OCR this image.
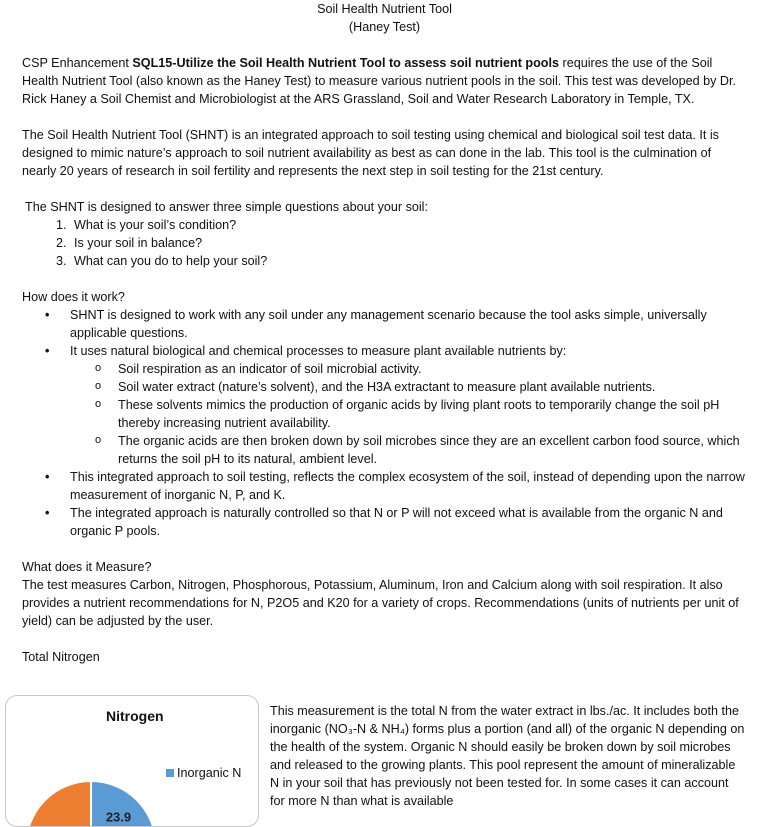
Soil Health Nutrient Tool

(Haney Test)

CSP Enhancement SQL15-Utilize the Soil Health Nutrient Tool to assess soil nutrient pools requires the use of the Soil Health Nutrient Tool (also known as the Haney Test) to measure various nutrient pools in the soil. This test was developed by Dr. Rick Haney a Soil Chemist and Microbiologist at the ARS Grassland, Soil and Water Research Laboratory in Temple, TX.

The Soil Health Nutrient Tool (SHNT) is an integrated approach to soil testing using chemical and biological soil test data. It is designed to mimic nature’s approach to soil nutrient availability as best as can done in the lab. This tool is the culmination of nearly 20 years of research in soil fertility and represents the next step in soil testing for the 21st century.

The SHNT is designed to answer three simple questions about your soil:

1. What is your soil’s condition?
2. Is your soil in balance?
3. What can you do to help your soil?

How does it work?

• SHNT is designed to work with any soil under any management scenario because the tool asks simple, universally applicable questions.
• It uses natural biological and chemical processes to measure plant available nutrients by:
o Soil respiration as an indicator of soil microbial activity.
o Soil water extract (nature’s solvent), and the H3A extractant to measure plant available nutrients.
o These solvents mimics the production of organic acids by living plant roots to temporarily change the soil pH thereby increasing nutrient availability.
o The organic acids are then broken down by soil microbes since they are an excellent carbon food source, which returns the soil pH to its natural, ambient level.
• This integrated approach to soil testing, reflects the complex ecosystem of the soil, instead of depending upon the narrow measurement of inorganic N, P, and K.
• The integrated approach is naturally controlled so that N or P will not exceed what is available from the organic N and organic P pools.

What does it Measure?

The test measures Carbon, Nitrogen, Phosphorous, Potassium, Aluminum, Iron and Calcium along with soil respiration. It also provides a nutrient recommendations for N, P2O5 and K20 for a variety of crops. Recommendations (units of nutrients per unit of yield) can be adjusted by the user.

Total Nitrogen

Nitrogen
23.9
Inorganic N

This measurement is the total N from the water extract in lbs./ac. It includes both the inorganic (NO₃-N & NH₄) forms plus a portion (and all) of the organic N depending on the health of the system. Organic N should easily be broken down by soil microbes and released to the growing plants. This pool represent the amount of mineralizable N in your soil that has previously not been tested for. In some cases it can account for more N than what is available
